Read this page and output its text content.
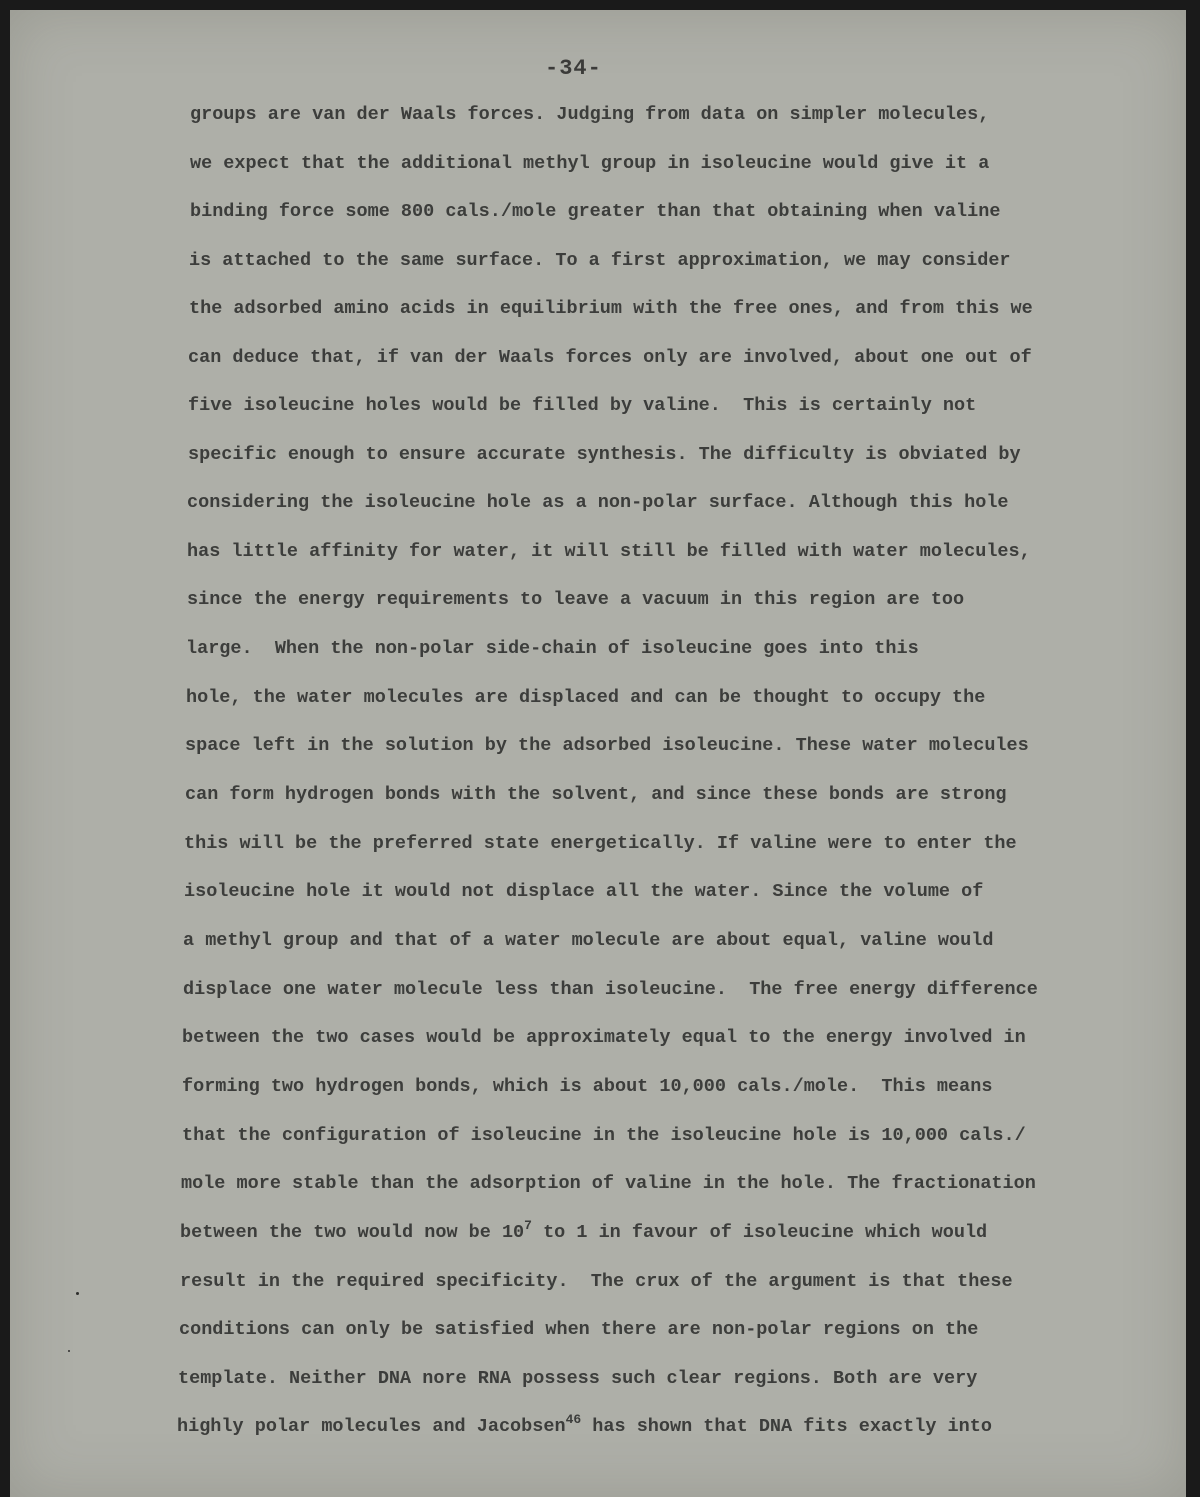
-34-
groups are van der Waals forces. Judging from data on simpler molecules,
we expect that the additional methyl group in isoleucine would give it a
binding force some 800 cals./mole greater than that obtaining when valine
is attached to the same surface. To a first approximation, we may consider
the adsorbed amino acids in equilibrium with the free ones, and from this we
can deduce that, if van der Waals forces only are involved, about one out of
five isoleucine holes would be filled by valine.  This is certainly not
specific enough to ensure accurate synthesis. The difficulty is obviated by
considering the isoleucine hole as a non-polar surface. Although this hole
has little affinity for water, it will still be filled with water molecules,
since the energy requirements to leave a vacuum in this region are too
large.  When the non-polar side-chain of isoleucine goes into this
hole, the water molecules are displaced and can be thought to occupy the
space left in the solution by the adsorbed isoleucine. These water molecules
can form hydrogen bonds with the solvent, and since these bonds are strong
this will be the preferred state energetically. If valine were to enter the
isoleucine hole it would not displace all the water. Since the volume of
a methyl group and that of a water molecule are about equal, valine would
displace one water molecule less than isoleucine.  The free energy difference
between the two cases would be approximately equal to the energy involved in
forming two hydrogen bonds, which is about 10,000 cals./mole.  This means
that the configuration of isoleucine in the isoleucine hole is 10,000 cals./
mole more stable than the adsorption of valine in the hole. The fractionation
between the two would now be $10^7$ to 1 in favour of isoleucine which would
result in the required specificity.  The crux of the argument is that these
conditions can only be satisfied when there are non-polar regions on the
template. Neither DNA nore RNA possess such clear regions. Both are very
highly polar molecules and Jacobsen$^{46}$ has shown that DNA fits exactly into
